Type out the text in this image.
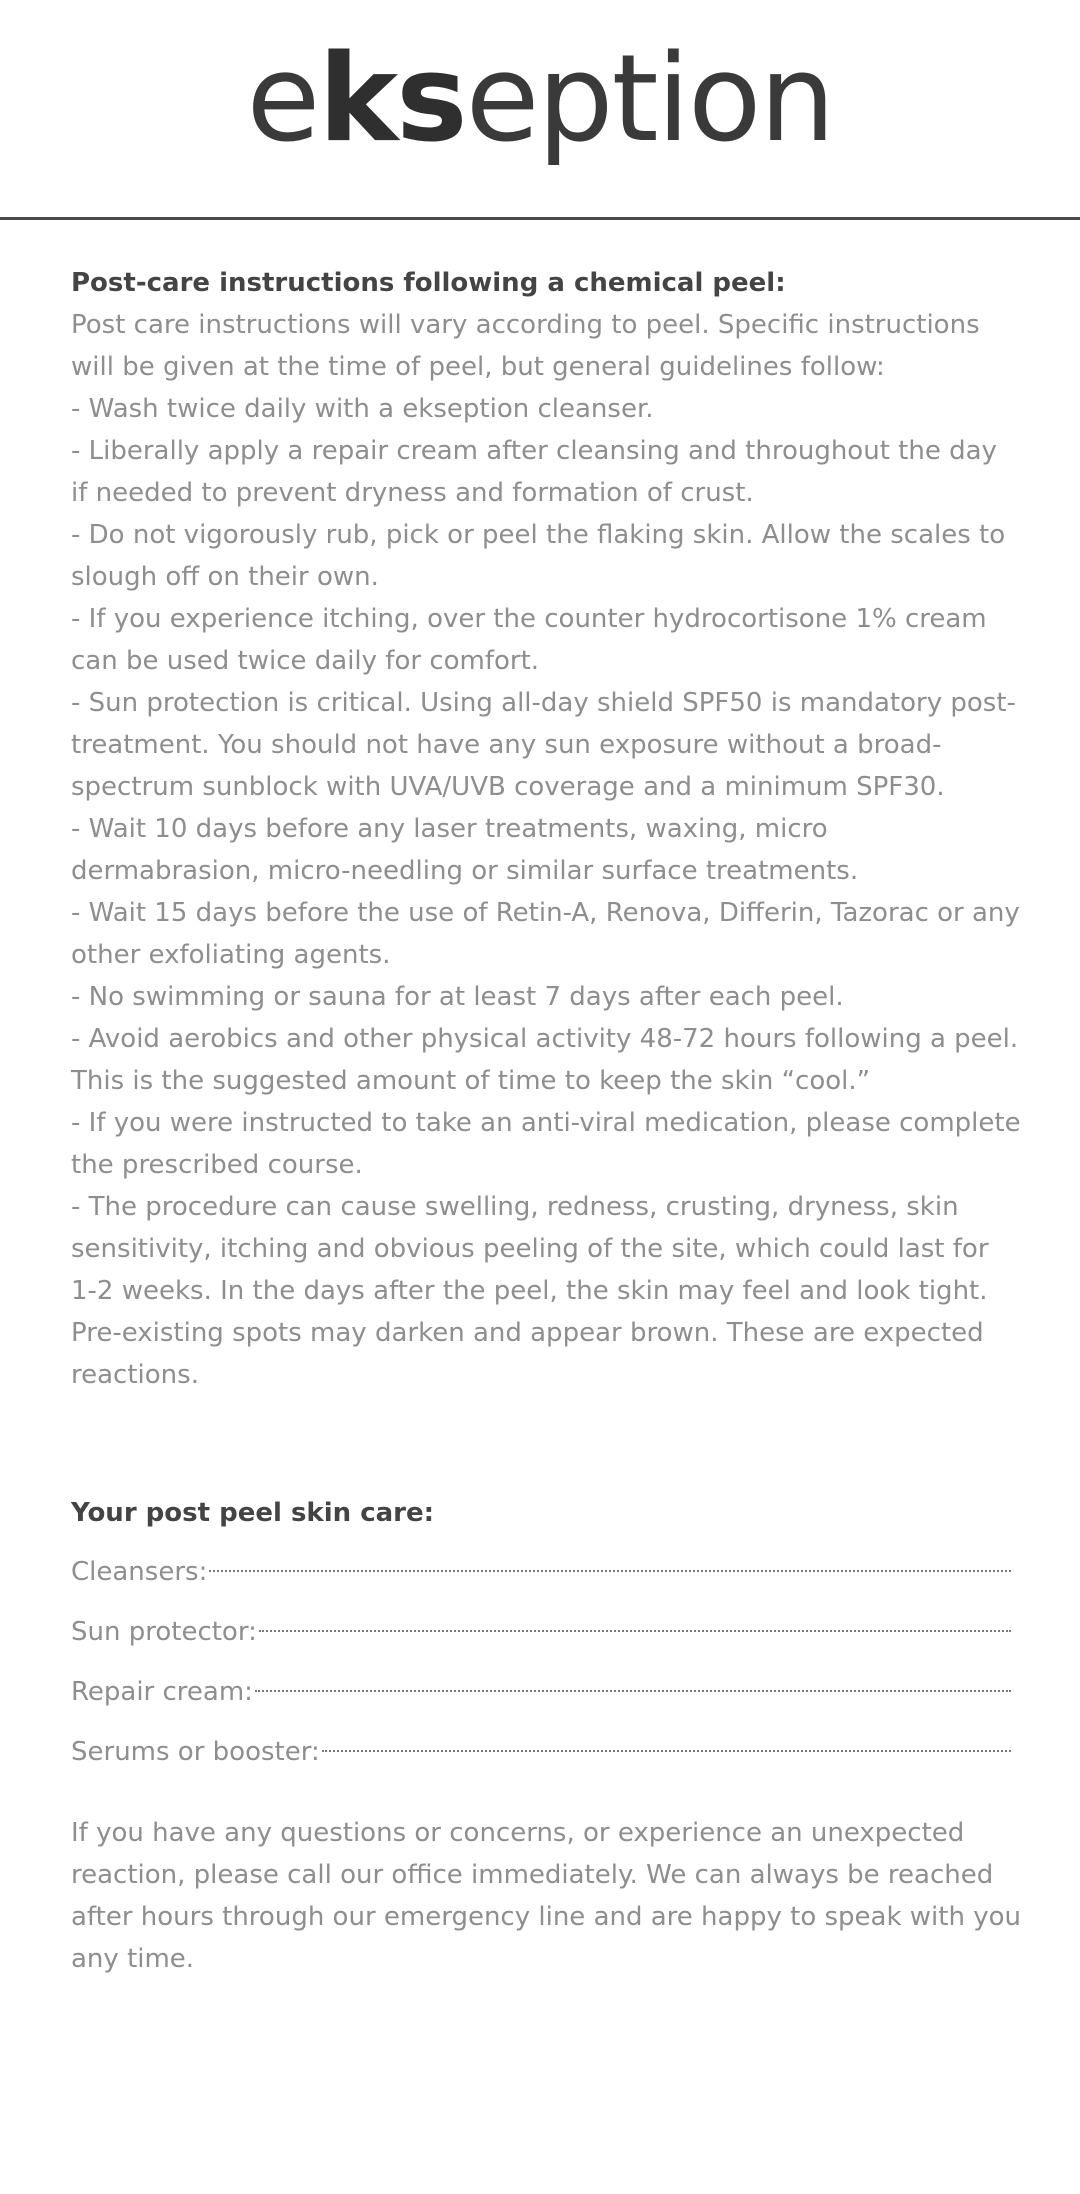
ekseption
Post-care instructions following a chemical peel:
Post care instructions will vary according to peel. Specific instructions will be given at the time of peel, but general guidelines follow:
- Wash twice daily with a ekseption cleanser.
- Liberally apply a repair cream after cleansing and throughout the day if needed to prevent dryness and formation of crust.
- Do not vigorously rub, pick or peel the flaking skin. Allow the scales to slough off on their own.
- If you experience itching, over the counter hydrocortisone 1% cream can be used twice daily for comfort.
- Sun protection is critical. Using all-day shield SPF50 is mandatory post-treatment. You should not have any sun exposure without a broad-spectrum sunblock with UVA/UVB coverage and a minimum SPF30.
- Wait 10 days before any laser treatments, waxing, micro dermabrasion, micro-needling or similar surface treatments.
- Wait 15 days before the use of Retin-A, Renova, Differin, Tazorac or any other exfoliating agents.
- No swimming or sauna for at least 7 days after each peel.
- Avoid aerobics and other physical activity 48-72 hours following a peel. This is the suggested amount of time to keep the skin “cool.”
- If you were instructed to take an anti-viral medication, please complete the prescribed course.
- The procedure can cause swelling, redness, crusting, dryness, skin sensitivity, itching and obvious peeling of the site, which could last for 1-2 weeks. In the days after the peel, the skin may feel and look tight. Pre-existing spots may darken and appear brown. These are expected reactions.
Your post peel skin care:
Cleansers:
Sun protector:
Repair cream:
Serums or booster:
If you have any questions or concerns, or experience an unexpected reaction, please call our office immediately. We can always be reached after hours through our emergency line and are happy to speak with you any time.
